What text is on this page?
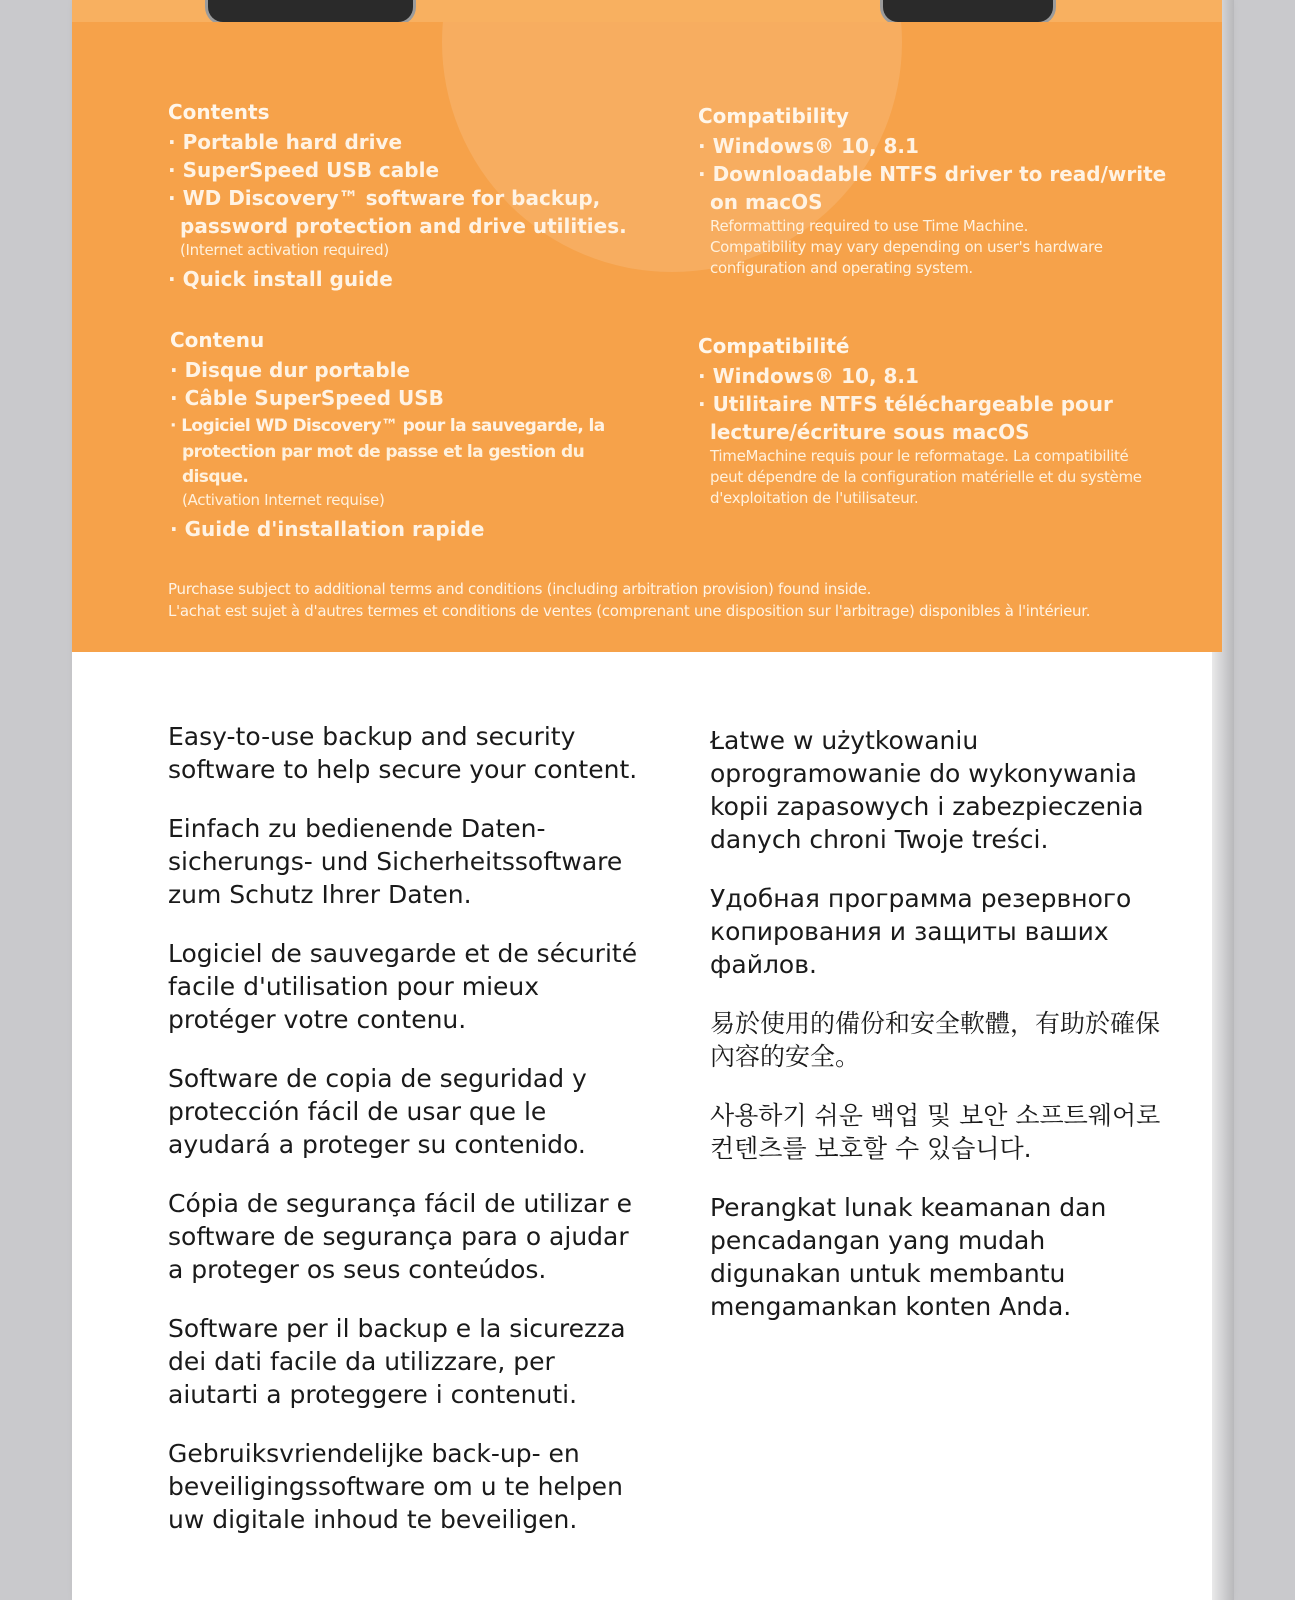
Contents
· Portable hard drive
· SuperSpeed USB cable
· WD Discovery™ software for backup,
password protection and drive utilities.
(Internet activation required)
· Quick install guide
Compatibility
· Windows® 10, 8.1
· Downloadable NTFS driver to read/write
on macOS
Reformatting required to use Time Machine.
Compatibility may vary depending on user's hardware
configuration and operating system.
Contenu
· Disque dur portable
· Câble SuperSpeed USB
· Logiciel WD Discovery™ pour la sauvegarde, la
protection par mot de passe et la gestion du disque.
(Activation Internet requise)
· Guide d'installation rapide
Compatibilité
· Windows® 10, 8.1
· Utilitaire NTFS téléchargeable pour
lecture/écriture sous macOS
TimeMachine requis pour le reformatage. La compatibilité
peut dépendre de la configuration matérielle et du système
d'exploitation de l'utilisateur.
Purchase subject to additional terms and conditions (including arbitration provision) found inside.
L'achat est sujet à d'autres termes et conditions de ventes (comprenant une disposition sur l'arbitrage) disponibles à l'intérieur.

Easy-to-use backup and security software to help secure your content.

Einfach zu bedienende Daten-sicherungs- und Sicherheitssoftware zum Schutz Ihrer Daten.

Logiciel de sauvegarde et de sécurité facile d'utilisation pour mieux protéger votre contenu.

Software de copia de seguridad y protección fácil de usar que le ayudará a proteger su contenido.

Cópia de segurança fácil de utilizar e software de segurança para o ajudar a proteger os seus conteúdos.

Software per il backup e la sicurezza dei dati facile da utilizzare, per aiutarti a proteggere i contenuti.

Gebruiksvriendelijke back-up- en beveiligingssoftware om u te helpen uw digitale inhoud te beveiligen.

Łatwe w użytkowaniu oprogramowanie do wykonywania kopii zapasowych i zabezpieczenia danych chroni Twoje treści.

Удобная программа резервного копирования и защиты ваших файлов.

易於使用的備份和安全軟體，有助於確保內容的安全。

사용하기 쉬운 백업 및 보안 소프트웨어로 컨텐츠를 보호할 수 있습니다.

Perangkat lunak keamanan dan pencadangan yang mudah digunakan untuk membantu mengamankan konten Anda.
